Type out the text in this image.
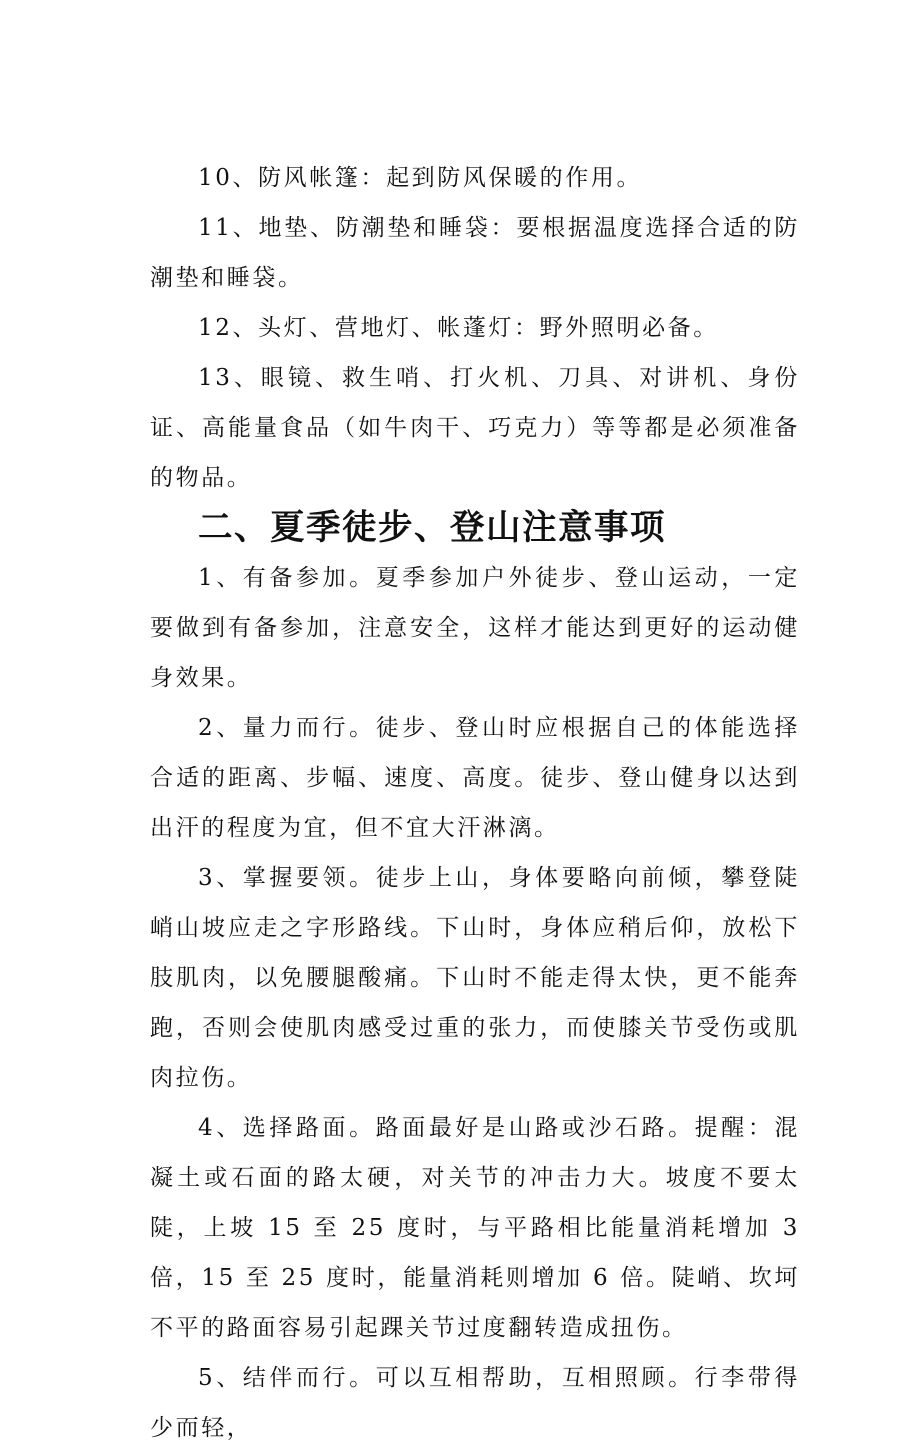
10、防风帐篷：起到防风保暖的作用。

11、地垫、防潮垫和睡袋：要根据温度选择合适的防潮垫和睡袋。

12、头灯、营地灯、帐蓬灯：野外照明必备。

13、眼镜、救生哨、打火机、刀具、对讲机、身份证、高能量食品（如牛肉干、巧克力）等等都是必须准备的物品。

二、夏季徒步、登山注意事项

1、有备参加。夏季参加户外徒步、登山运动，一定要做到有备参加，注意安全，这样才能达到更好的运动健身效果。

2、量力而行。徒步、登山时应根据自己的体能选择合适的距离、步幅、速度、高度。徒步、登山健身以达到出汗的程度为宜，但不宜大汗淋漓。

3、掌握要领。徒步上山，身体要略向前倾，攀登陡峭山坡应走之字形路线。下山时，身体应稍后仰，放松下肢肌肉，以免腰腿酸痛。下山时不能走得太快，更不能奔跑，否则会使肌肉感受过重的张力，而使膝关节受伤或肌肉拉伤。

4、选择路面。路面最好是山路或沙石路。提醒：混凝土或石面的路太硬，对关节的冲击力大。坡度不要太陡，上坡 15 至 25 度时，与平路相比能量消耗增加 3 倍，15 至 25 度时，能量消耗则增加 6 倍。陡峭、坎坷不平的路面容易引起踝关节过度翻转造成扭伤。

5、结伴而行。可以互相帮助，互相照顾。行李带得少而轻，
